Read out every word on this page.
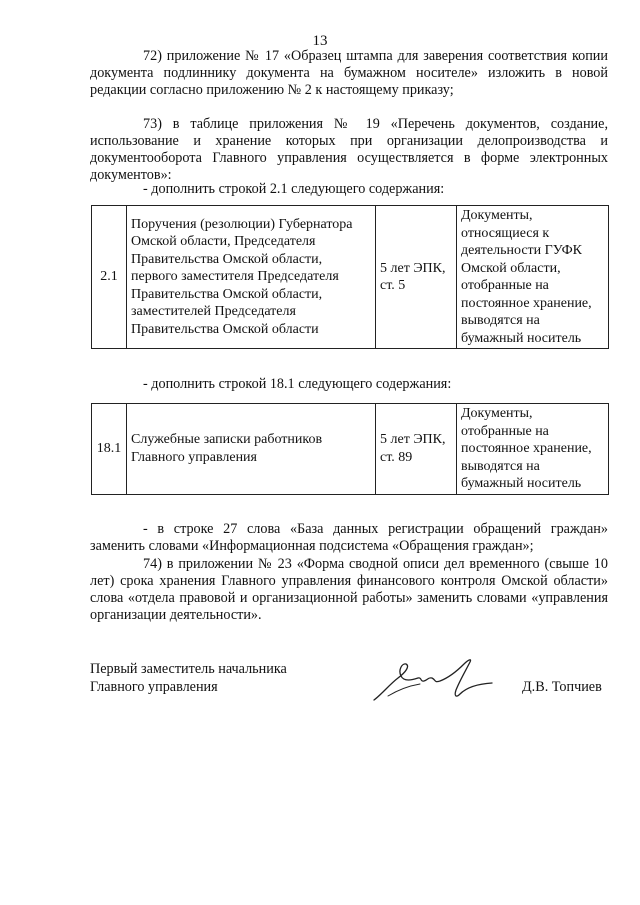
13

72) приложение № 17 «Образец штампа для заверения соответствия копии документа подлиннику документа на бумажном носителе» изложить в новой редакции согласно приложению № 2 к настоящему приказу;

73) в таблице приложения № 19 «Перечень документов, создание, использование и хранение которых при организации делопроизводства и документооборота Главного управления осуществляется в форме электронных документов»:

- дополнить строкой 2.1 следующего содержания:
2.1	Поручения (резолюции) Губернатора Омской области, Председателя Правительства Омской области, первого заместителя Председателя Правительства Омской области, заместителей Председателя Правительства Омской области	5 лет ЭПК, ст. 5	Документы, относящиеся к деятельности ГУФК Омской области, отобранные на постоянное хранение, выводятся на бумажный носитель
- дополнить строкой 18.1 следующего содержания:
18.1	Служебные записки работников Главного управления	5 лет ЭПК, ст. 89	Документы, отобранные на постоянное хранение, выводятся на бумажный носитель

- в строке 27 слова «База данных регистрации обращений граждан» заменить словами «Информационная подсистема «Обращения граждан»;

74) в приложении № 23 «Форма сводной описи дел временного (свыше 10 лет) срока хранения Главного управления финансового контроля Омской области» слова «отдела правовой и организационной работы» заменить словами «управления организации деятельности».

Первый заместитель начальника
Главного управления	Д.В. Топчиев
